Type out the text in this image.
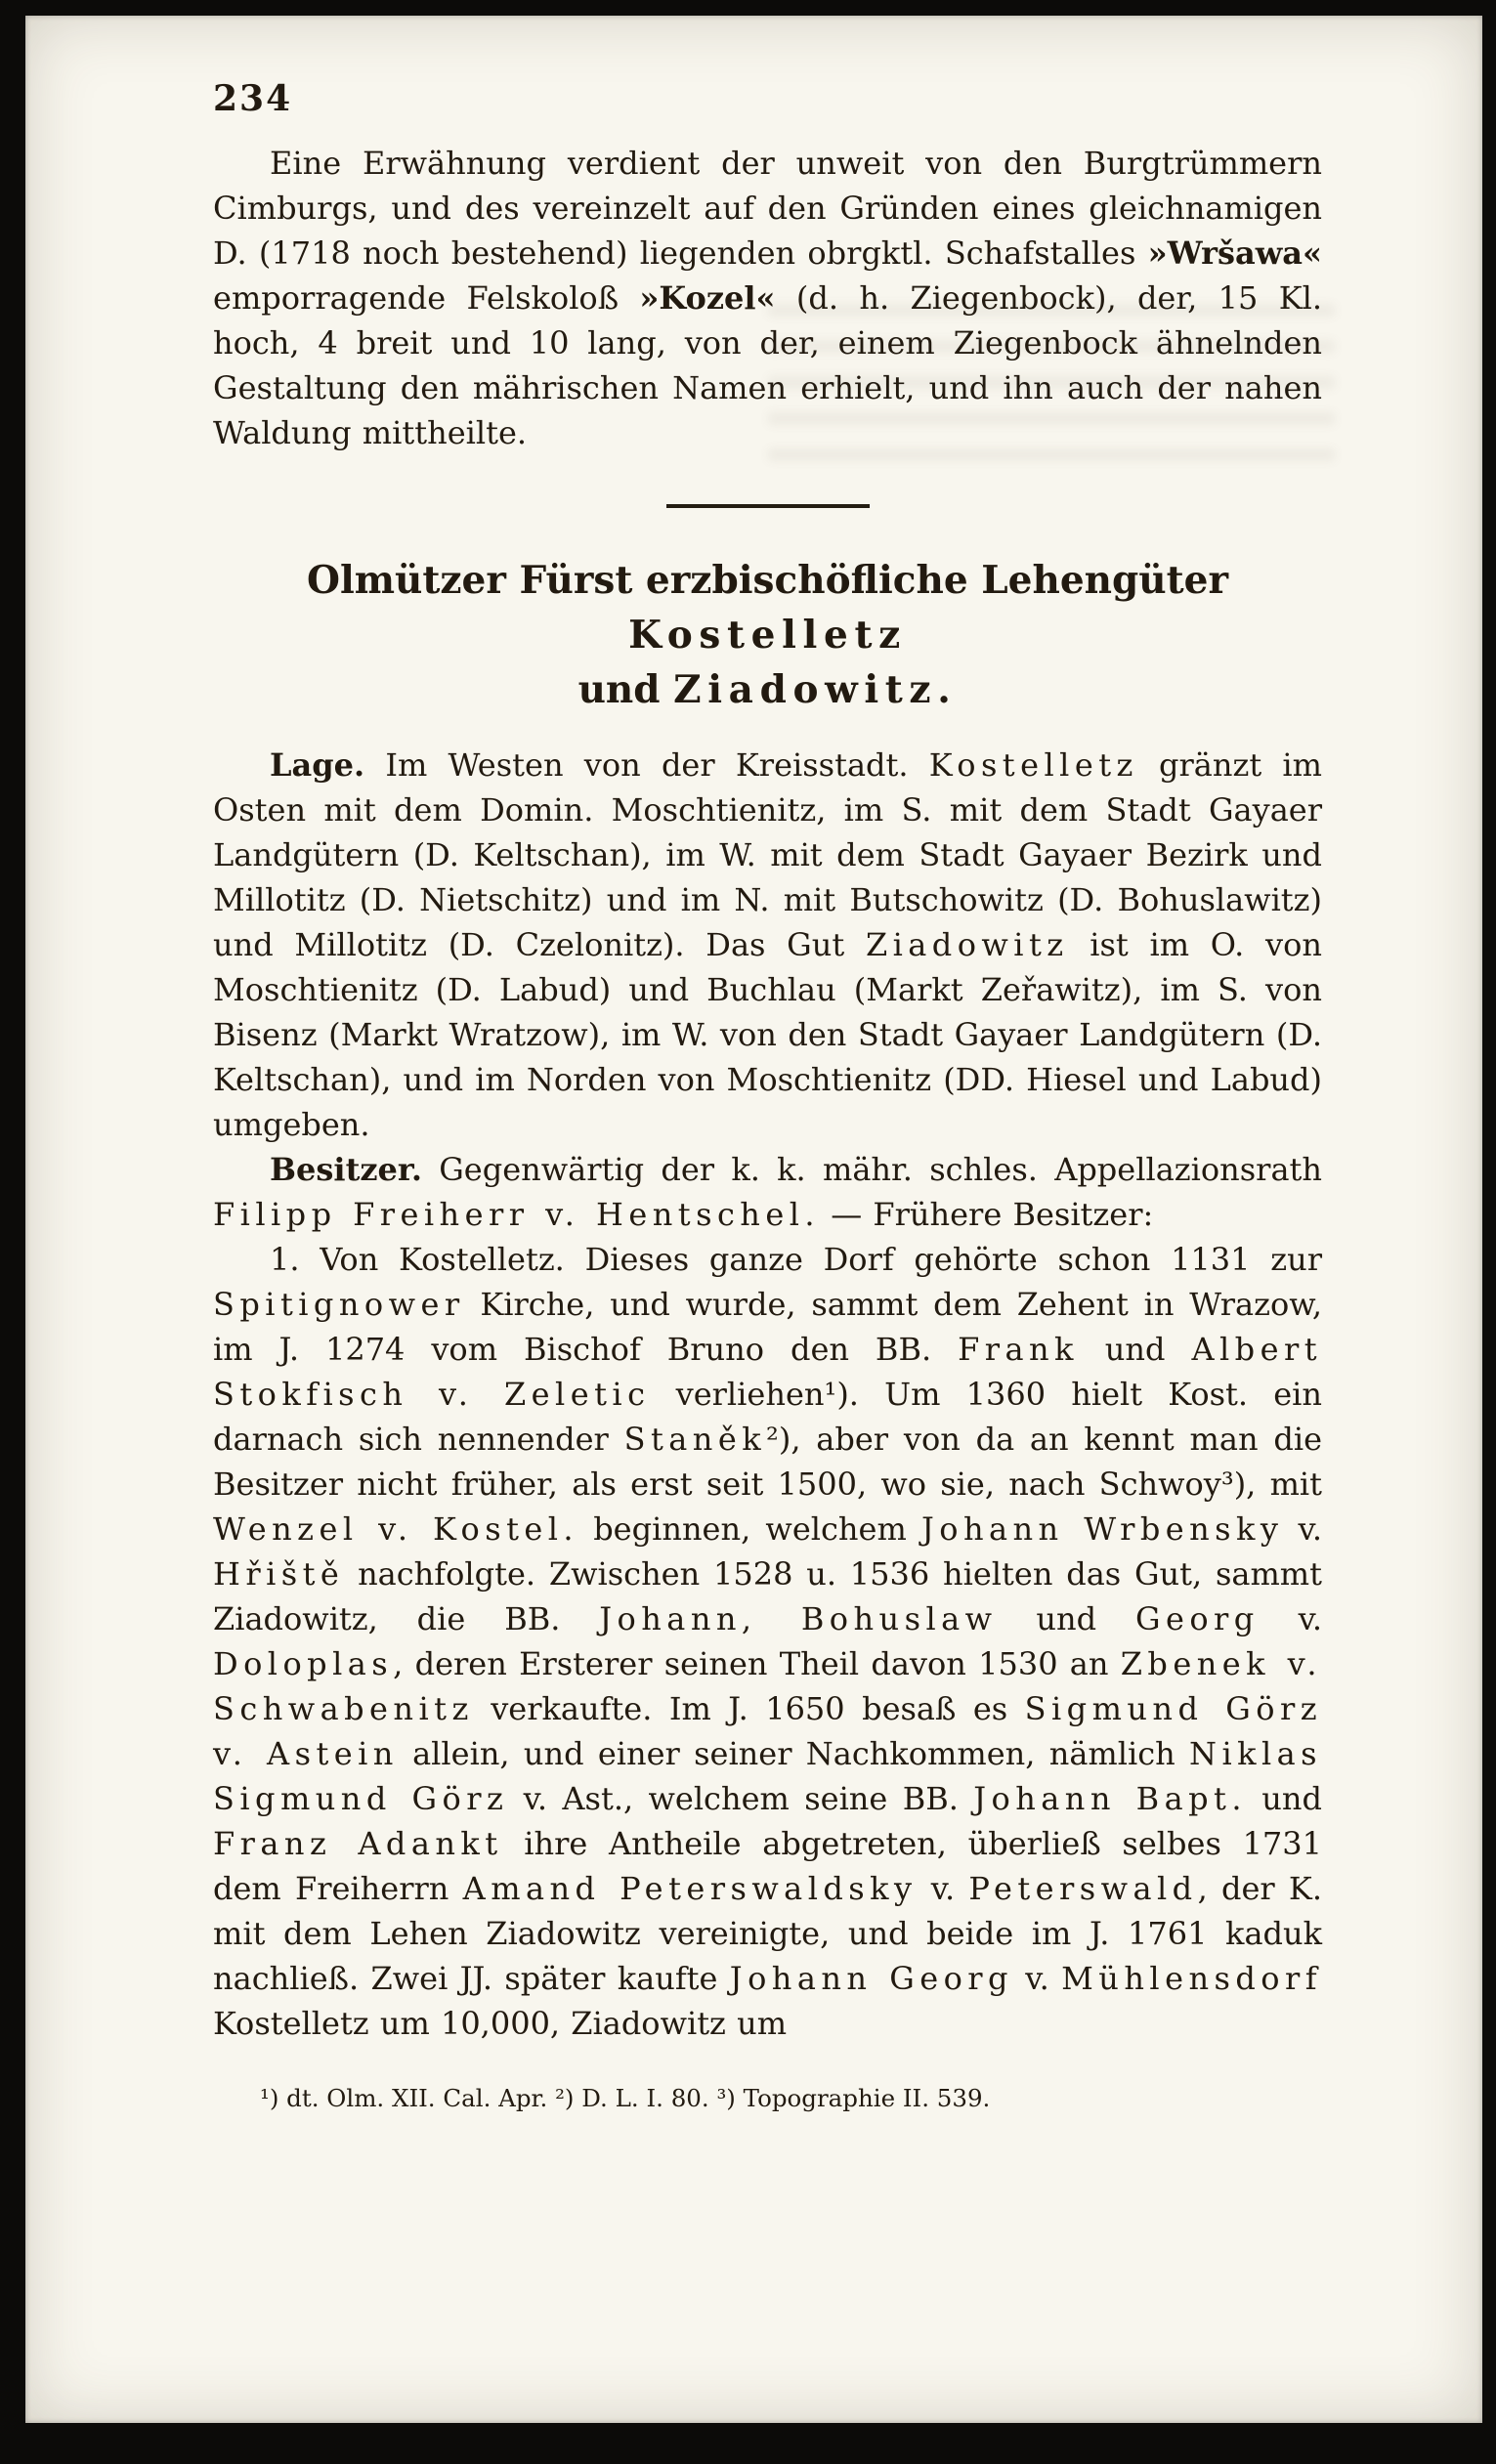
234

Eine Erwähnung verdient der unweit von den Burgtrümmern Cimburgs, und des vereinzelt auf den Gründen eines gleichnamigen D. (1718 noch bestehend) liegenden obrgktl. Schafstalles »Wršawa« emporragende Felskoloß »Kozel« (d. h. Ziegenbock), der, 15 Kl. hoch, 4 breit und 10 lang, von der, einem Ziegenbock ähnelnden Gestaltung den mährischen Namen erhielt, und ihn auch der nahen Waldung mittheilte.

Olmützer Fürst erzbischöfliche Lehengüter Kostelletz
und Ziadowitz.

Lage. Im Westen von der Kreisstadt. Kostelletz gränzt im Osten mit dem Domin. Moschtienitz, im S. mit dem Stadt Gayaer Landgütern (D. Keltschan), im W. mit dem Stadt Gayaer Bezirk und Millotitz (D. Nietschitz) und im N. mit Butschowitz (D. Bohuslawitz) und Millotitz (D. Czelonitz). Das Gut Ziadowitz ist im O. von Moschtienitz (D. Labud) und Buchlau (Markt Zeřawitz), im S. von Bisenz (Markt Wratzow), im W. von den Stadt Gayaer Landgütern (D. Keltschan), und im Norden von Moschtienitz (DD. Hiesel und Labud) umgeben.

Besitzer. Gegenwärtig der k. k. mähr. schles. Appellazionsrath Filipp Freiherr v. Hentschel. — Frühere Besitzer:

1. Von Kostelletz. Dieses ganze Dorf gehörte schon 1131 zur Spitignower Kirche, und wurde, sammt dem Zehent in Wrazow, im J. 1274 vom Bischof Bruno den BB. Frank und Albert Stokfisch v. Zeletic verliehen¹). Um 1360 hielt Kost. ein darnach sich nennender Staněk²), aber von da an kennt man die Besitzer nicht früher, als erst seit 1500, wo sie, nach Schwoy³), mit Wenzel v. Kostel. beginnen, welchem Johann Wrbensky v. Hřiště nachfolgte. Zwischen 1528 u. 1536 hielten das Gut, sammt Ziadowitz, die BB. Johann, Bohuslaw und Georg v. Doloplas, deren Ersterer seinen Theil davon 1530 an Zbenek v. Schwabenitz verkaufte. Im J. 1650 besaß es Sigmund Görz v. Astein allein, und einer seiner Nachkommen, nämlich Niklas Sigmund Görz v. Ast., welchem seine BB. Johann Bapt. und Franz Adankt ihre Antheile abgetreten, überließ selbes 1731 dem Freiherrn Amand Peterswaldsky v. Peterswald, der K. mit dem Lehen Ziadowitz vereinigte, und beide im J. 1761 kaduk nachließ. Zwei JJ. später kaufte Johann Georg v. Mühlensdorf Kostelletz um 10,000, Ziadowitz um

¹) dt. Olm. XII. Cal. Apr. ²) D. L. I. 80. ³) Topographie II. 539.
